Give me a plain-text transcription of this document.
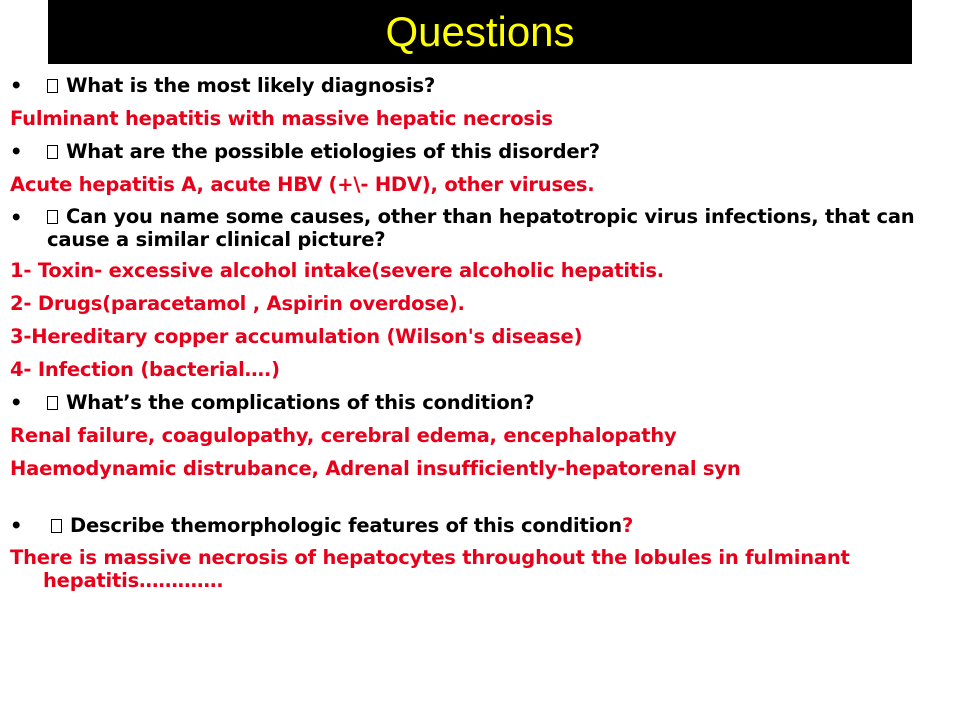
Questions
•	What is the most likely diagnosis?
Fulminant hepatitis with massive hepatic necrosis
•	What are the possible etiologies of this disorder?
Acute hepatitis A, acute HBV (+\- HDV), other viruses.
•	Can you name some causes, other than hepatotropic virus infections, that can cause a similar clinical picture?
1- Toxin- excessive alcohol intake(severe alcoholic hepatitis.
2- Drugs(paracetamol , Aspirin overdose).
3-Hereditary copper accumulation (Wilson's disease)
4- Infection (bacterial….)
•	What’s the complications of this condition?
Renal failure, coagulopathy, cerebral edema, encephalopathy
Haemodynamic distrubance, Adrenal insufficiently-hepatorenal syn
•	Describe themorphologic features of this condition?
There is massive necrosis of hepatocytes throughout the lobules in fulminant hepatitis………….
